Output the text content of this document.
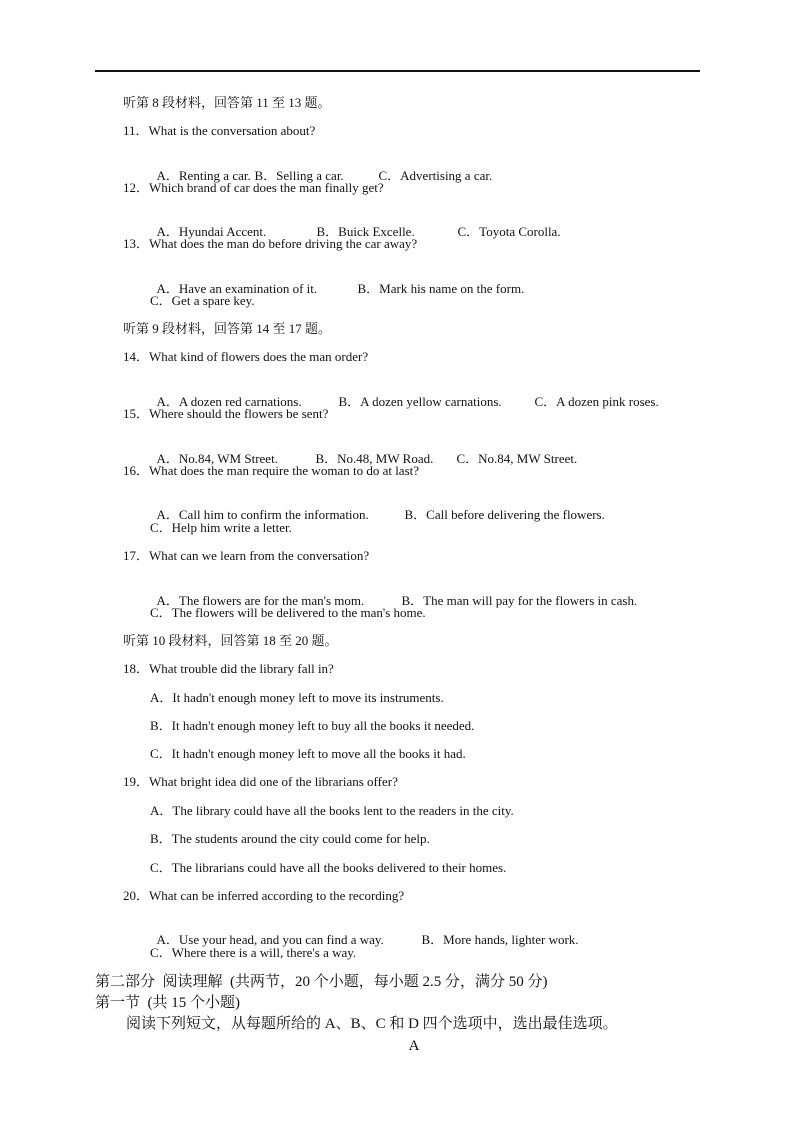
听第 8 段材料，回答第 11 至 13 题。
11．What is the conversation about?

A．Renting a car. B．Selling a car.	C．Advertising a car.

12．Which brand of car does the man finally get?

A．Hyundai Accent.	B．Buick Excelle.	C．Toyota Corolla.

13．What does the man do before driving the car away?

A．Have an examination of it.	B．Mark his name on the form.

C．Get a spare key.
听第 9 段材料，回答第 14 至 17 题。
14．What kind of flowers does the man order?

A．A dozen red carnations.	B．A dozen yellow carnations.	C．A dozen pink roses.

15．Where should the flowers be sent?

A．No.84, WM Street.	B．No.48, MW Road. C．No.84, MW Street.

16．What does the man require the woman to do at last?

A．Call him to confirm the information.	B．Call before delivering the flowers.

C．Help him write a letter.
17．What can we learn from the conversation?

A．The flowers are for the man's mom.	B．The man will pay for the flowers in cash.

C．The flowers will be delivered to the man's home.
听第 10 段材料，回答第 18 至 20 题。
18．What trouble did the library fall in?
A．It hadn't enough money left to move its instruments.
B．It hadn't enough money left to buy all the books it needed.
C．It hadn't enough money left to move all the books it had.
19．What bright idea did one of the librarians offer?
A．The library could have all the books lent to the readers in the city.
B．The students around the city could come for help.
C．The librarians could have all the books delivered to their homes.
20．What can be inferred according to the recording?

A．Use your head, and you can find a way.	B．More hands, lighter work.

C．Where there is a will, there's a way.
第二部分  阅读理解  (共两节，20 个小题，每小题 2.5 分，满分 50 分)
第一节  (共 15 个小题)
阅读下列短文，从每题所给的 A、B、C 和 D 四个选项中，选出最佳选项。
A
